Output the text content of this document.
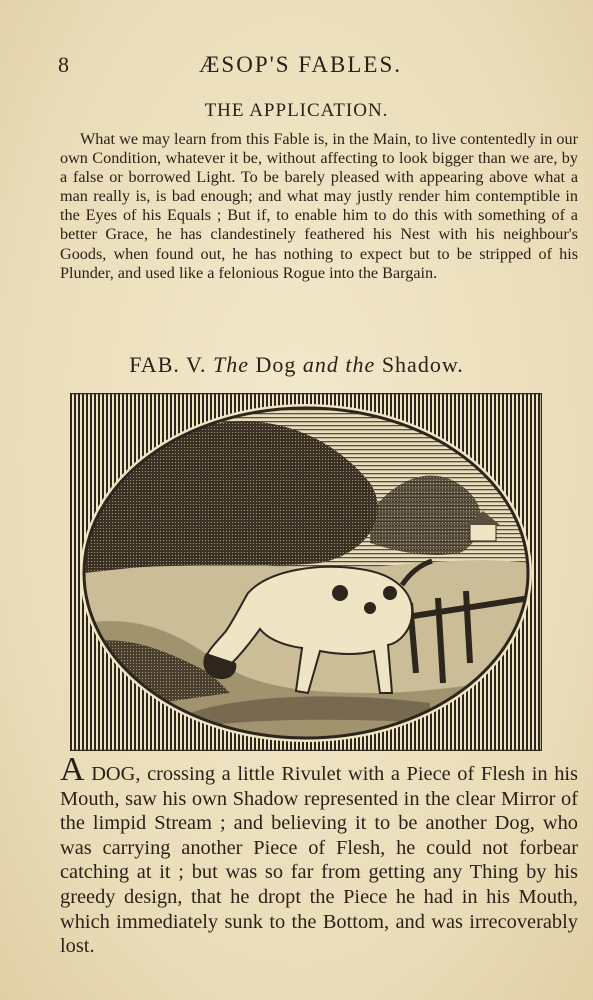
8	ÆSOP'S FABLES.
THE APPLICATION.

What we may learn from this Fable is, in the Main, to live contentedly in our own Condition, whatever it be, without affecting to look bigger than we are, by a false or borrowed Light. To be barely pleased with appearing above what a man really is, is bad enough; and what may justly render him contemptible in the Eyes of his Equals ; But if, to enable him to do this with something of a better Grace, he has clandestinely feathered his Nest with his neighbour's Goods, when found out, he has nothing to expect but to be stripped of his Plunder, and used like a felonious Rogue into the Bargain.

FAB. V. The Dog and the Shadow.

A DOG, crossing a little Rivulet with a Piece of Flesh in his Mouth, saw his own Shadow represented in the clear Mirror of the limpid Stream ; and believing it to be another Dog, who was carrying another Piece of Flesh, he could not forbear catching at it ; but was so far from getting any Thing by his greedy design, that he dropt the Piece he had in his Mouth, which immediately sunk to the Bottom, and was irrecoverably lost.
